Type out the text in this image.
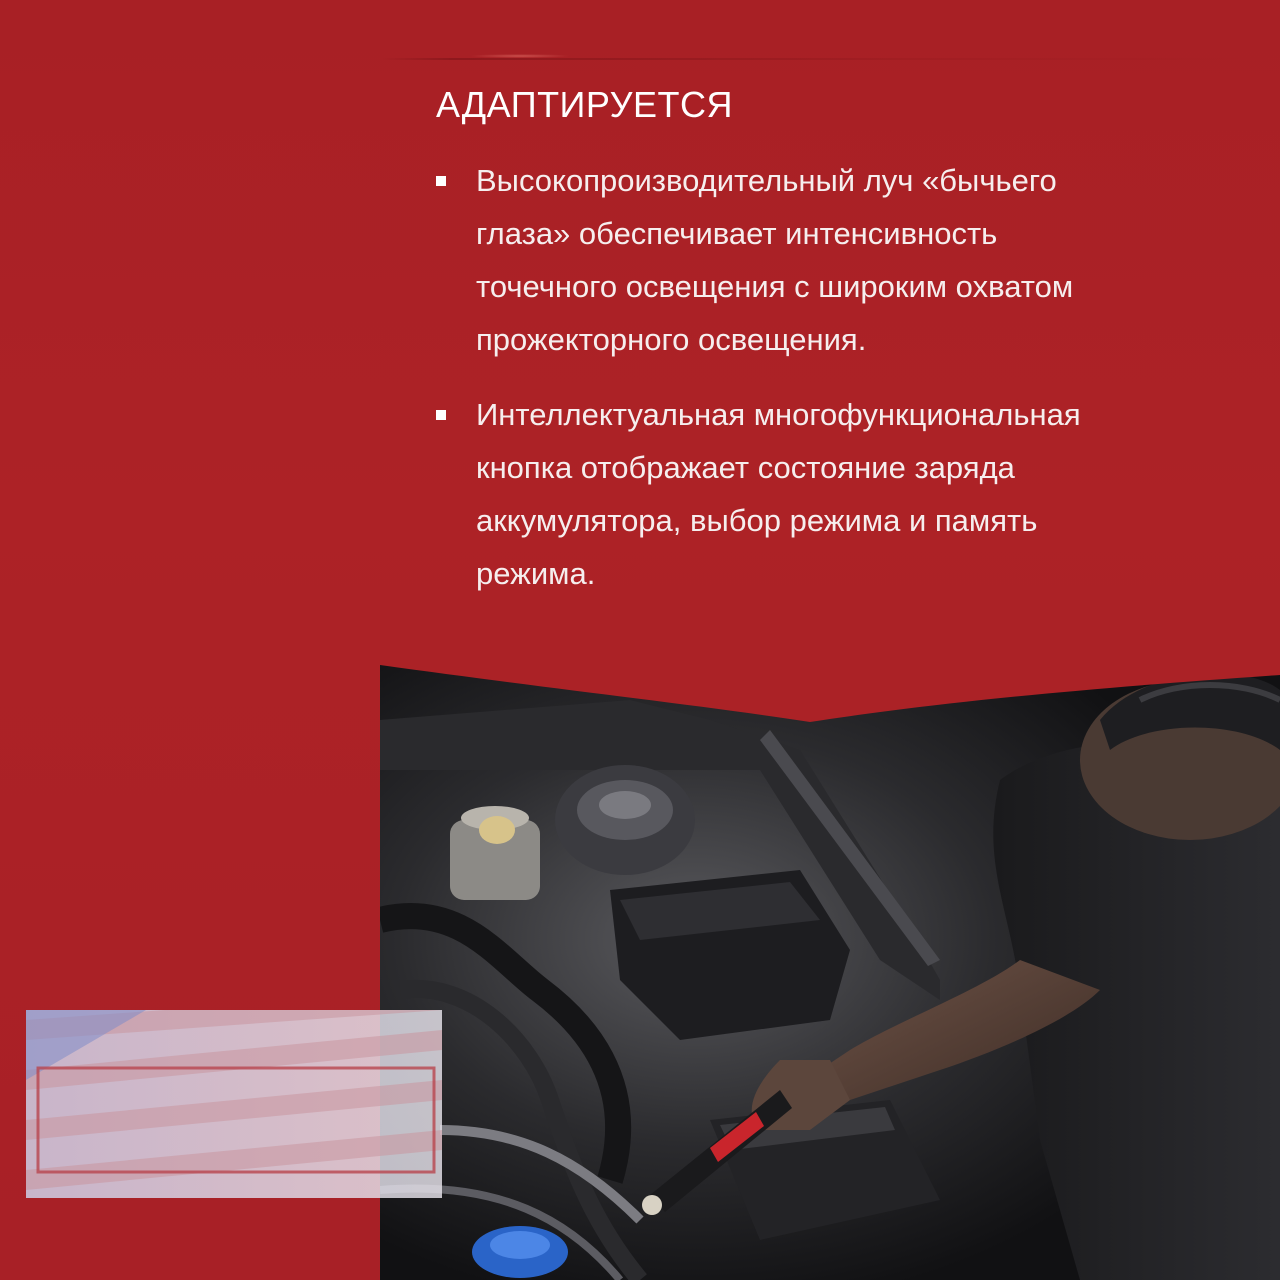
АДАПТИРУЕТСЯ
Высокопроизводительный луч «бычьего
глаза» обеспечивает интенсивность
точечного освещения с широким охватом
прожекторного освещения.
Интеллектуальная многофункциональная
кнопка отображает состояние заряда
аккумулятора, выбор режима и память
режима.
